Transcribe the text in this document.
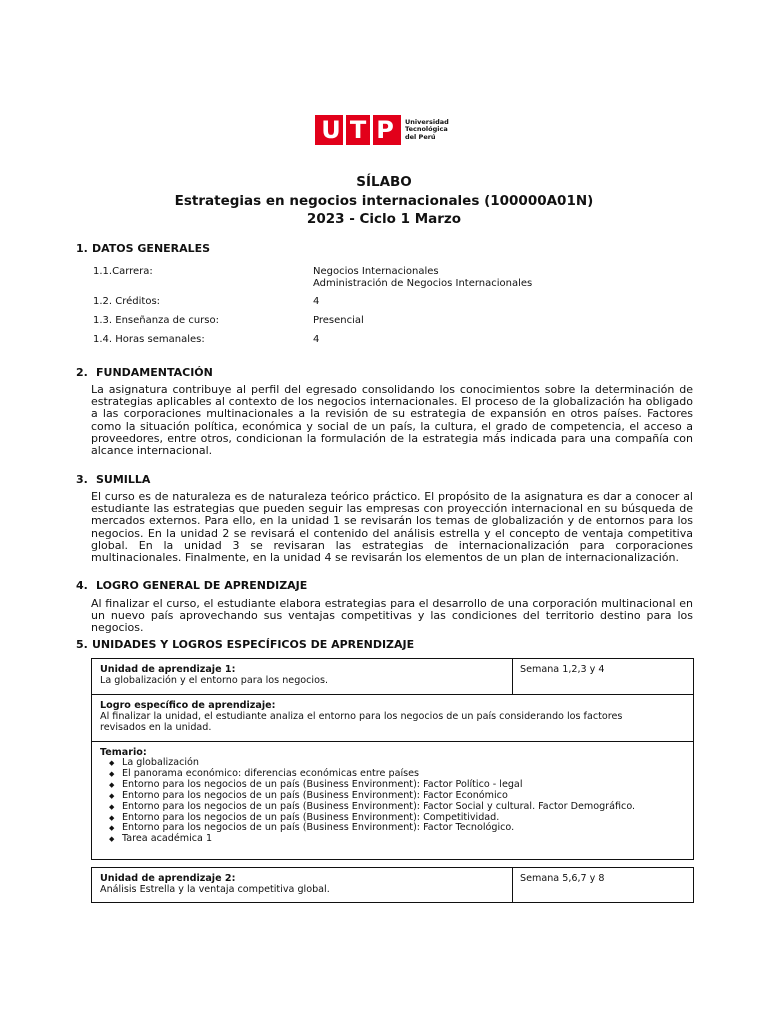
U T P	Universidad
Tecnológica
del Perú
SÍLABO
Estrategias en negocios internacionales (100000A01N)
2023 - Ciclo 1 Marzo
1. DATOS GENERALES
1.1.Carrera:	Negocios Internacionales
Administración de Negocios Internacionales
1.2. Créditos:	4
1.3. Enseñanza de curso:	Presencial
1.4. Horas semanales:	4
2. FUNDAMENTACIÓN
La asignatura contribuye al perfil del egresado consolidando los conocimientos sobre la determinación de estrategias aplicables al contexto de los negocios internacionales. El proceso de la globalización ha obligado a las corporaciones multinacionales a la revisión de su estrategia de expansión en otros países. Factores como la situación política, económica y social de un país, la cultura, el grado de competencia, el acceso a proveedores, entre otros, condicionan la formulación de la estrategia más indicada para una compañía con alcance internacional.
3. SUMILLA
El curso es de naturaleza es de naturaleza teórico práctico. El propósito de la asignatura es dar a conocer al estudiante las estrategias que pueden seguir las empresas con proyección internacional en su búsqueda de mercados externos. Para ello, en la unidad 1 se revisarán los temas de globalización y de entornos para los negocios. En la unidad 2 se revisará el contenido del análisis estrella y el concepto de ventaja competitiva global. En la unidad 3 se revisaran las estrategias de internacionalización para corporaciones multinacionales. Finalmente, en la unidad 4 se revisarán los elementos de un plan de internacionalización.
4. LOGRO GENERAL DE APRENDIZAJE
Al finalizar el curso, el estudiante elabora estrategias para el desarrollo de una corporación multinacional en un nuevo país aprovechando sus ventajas competitivas y las condiciones del territorio destino para los negocios.
5. UNIDADES Y LOGROS ESPECÍFICOS DE APRENDIZAJE
Unidad de aprendizaje 1:
La globalización y el entorno para los negocios.
Semana 1,2,3 y 4
Logro específico de aprendizaje:
Al finalizar la unidad, el estudiante analiza el entorno para los negocios de un país considerando los factores revisados en la unidad.
Temario:
◆ La globalización
◆ El panorama económico: diferencias económicas entre países
◆ Entorno para los negocios de un país (Business Environment): Factor Político - legal
◆ Entorno para los negocios de un país (Business Environment): Factor Económico
◆ Entorno para los negocios de un país (Business Environment): Factor Social y cultural. Factor Demográfico.
◆ Entorno para los negocios de un país (Business Environment): Competitividad.
◆ Entorno para los negocios de un país (Business Environment): Factor Tecnológico.
◆ Tarea académica 1
Unidad de aprendizaje 2:
Análisis Estrella y la ventaja competitiva global.
Semana 5,6,7 y 8
